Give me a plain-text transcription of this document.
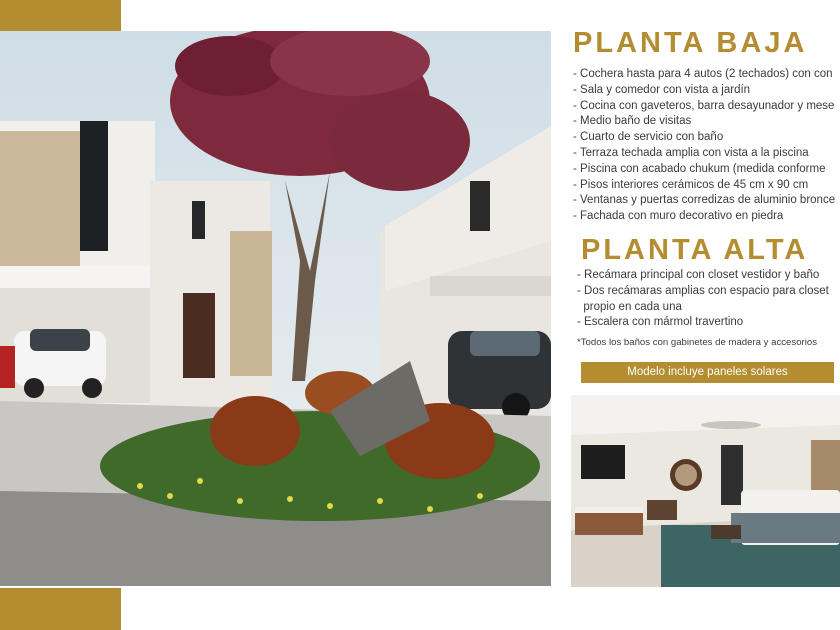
PLANTA BAJA
- Cochera hasta para 4 autos (2 techados) con con
- Sala y comedor con vista a jardín
- Cocina con gaveteros, barra desayunador y mese
- Medio baño de visitas
- Cuarto de servicio con baño
- Terraza techada amplia con vista a la piscina
- Piscina con acabado chukum (medida conforme
- Pisos interiores cerámicos de 45 cm x 90 cm
- Ventanas y puertas corredizas de aluminio bronce
- Fachada con muro decorativo en piedra
PLANTA ALTA
- Recámara principal con closet vestidor y baño
- Dos recámaras amplias con espacio para closet
propio en cada una
- Escalera con mármol travertino
*Todos los baños con gabinetes de madera y accesorios
Modelo incluye paneles solares
